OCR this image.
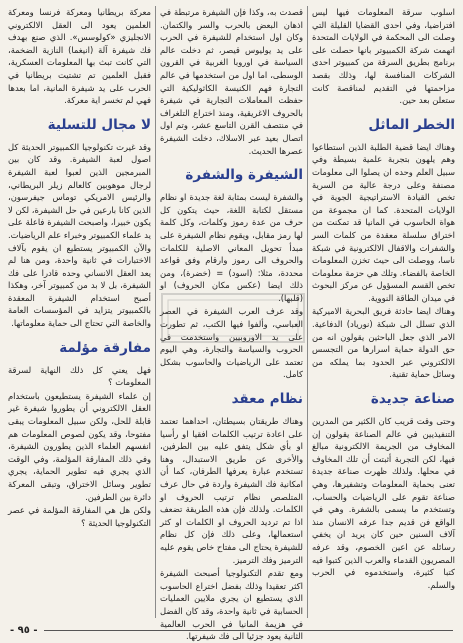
اسلوب سرقة المعلومات فيها ليس افتراضيا، وفي احدى القضايا القليلة التي وصلت الى المحكمة في الولايات المتحدة اتهمت شركة الكمبيوتر بانها حصلت على برنامج بطريق السرقة من كمبيوتر احدى الشركات المنافسة لها، وذلك بقصد مزاحمتها في التقديم لمناقصة كانت ستعلن بعد حين.

الخطر الماثل

وهناك ايضا قضية الطلبة الذين استطاعوا وهم يلهون بتجربة علمية بسيطة وفي سبيل العلم وحده ان يصلوا الى معلومات مصنفة وعلى درجة عالية من السرية تخص القيادة الاستراتيجية الجوية في الولايات المتحدة. كما ان مجموعة من هواة الحاسوب في المانيا قد تمكنت من اختراق سلسلة معقدة من كلمات السر والشفرات والاقفال الالكترونية في شبكة ناسا، ووصلت الى حيث تخزن المعلومات الخاصة بالفضاء. وتلك هي حزمة معلومات تخص القسم المسؤول عن مركز البحوث في ميدان الطاقة النووية.

وهناك ايضا حادثة فريق البحرية الاميركية الذي تسلل الى شبكة (نورياد) الدفاعية. الامر الذي جعل الباحثين يقولون انه من حق الدولة حماية اسرارها من التجسس الالكتروني عبر الحدود بما يملكه من وسائل حماية تقنية.

صناعة جديدة

وحتى وقت قريب كان الكثير من المدرين التنفيذيين في عالم الصناعة يقولون إن المخاوف من الجريمة الالكترونية مبالغ فيها، لكن التجربة أثبتت أن تلك المخاوف في محلها. ولذلك ظهرت صناعة جديدة تعنى بحماية المعلومات وتشفيرها، وهي صناعة تقوم على الرياضيات والحساب، وتستخدم ما يسمى بالشفرة. وهي في الواقع فن قديم جدا عرفه الانسان منذ آلاف السنين حين كان يريد ان يخفي رسائله عن اعين الخصوم، وقد عرفه المصريون القدماء والعرب الذين كتبوا فيه كتبا كثيرة، واستخدموه في الحرب والسلم.

قصدت به، وكذا فإن الشيفرة مرتبطة في اذهان البعض بالحرب والسر والكتمان. وكان اول استخدام للشيفرة في الحرب على يد يوليوس قيصر، ثم دخلت عالم السياسة في اوروبا الغربية في القرون الوسطى، اما اول من استخدمها في عالم التجارة فهم الكنيسة الكاثوليكية التي حفظت المعاملات التجارية في شيفرة بالحروف الاغريقية، ومنذ اختراع التلغراف في منتصف القرن التاسع عشر، وتم اول اتصال بعيد عبر الاسلاك، دخلت الشيفرة عصرها الحديث.

الشيفرة والشفرة

والشفرة ليست بمثابة لغة جديدة او نظام مستقل لكتابة اللغة، حيث يتكون كل حرف من عدة رموز وكلمات، وكل كلمة لها رمز مقابل، ويقوم نظام الشيفرة على مبدأ تحويل المعاني الاصلية للكلمات والحروف الى رموز وارقام وفق قواعد محددة، مثلا: (اسود) = (خضرة)، ومن ذلك ايضا (عكس مكان الحروف) او (قلبها).

وقد عرف العرب الشيفرة في العصر العباسي، وألفوا فيها الكتب، ثم تطورت على يد الاوروبيين واستخدمت في الحروب والسياسة والتجارة، وهي اليوم تعتمد على الرياضيات والحاسوب بشكل كامل.

نظام معقد

وهناك طريقتان بسيطتان، احداهما تعتمد على اعادة ترتيب الكلمات افقيا او رأسيا او بأي شكل يتفق عليه بين الطرفين، والأخرى عن طريق الاستبدال، وهنا تستخدم عبارة يعرفها الطرفان، كما أن امكانية فك الشيفرة واردة في حال عرف المتلصص نظام ترتيب الحروف او الكلمات. ولذلك فإن هذه الطريقة تضعف اذا تم ترديد الحروف او الكلمات او كثر استعمالها، وعلى ذلك فإن كل نظام للشيفرة يحتاج الى مفتاح خاص يقوم عليه الترميز وفك الترميز.

ومع تقدم التكنولوجيا أصبحت الشيفرة اكثر تعقيدا وذلك بفضل اختراع الحاسوب الذي يستطيع ان يجري ملايين العمليات الحسابية في ثانية واحدة، وقد كان الفضل في هزيمة المانيا في الحرب العالمية الثانية يعود جزئيا الى فك شيفرتها.

معركة بريطانيا ومعركة فرنسا ومعركة العلمين يعود الى العقل الالكتروني الانجليزي «كولوسس». الذي صنع بهدف فك شيفرة آلة (انيغما) النازية الضخمة، التي كانت تبث بها المعلومات العسكرية، فقبل العلمين تم تشتيت بريطانيا في الحرب على يد شيفرة المانية، اما بعدها فهي لم تخسر اية معركة.

لا مجال للتسلية

وقد غيرت تكنولوجيا الكمبيوتر الحديثة كل اصول لعبة الشيفرة. وقد كان بين المبرمجين الذين لعبوا لعبة الشيفرة لرجال موهوبين كالعالم زيلر البريطاني، والرئيس الامريكي توماس جيفرسون، الذين كانا بارعين في حل الشيفرة، لكن لا يكون خبيرا، واصبحت الشيفرة فاعلة على يد علماء الكمبيوتر وخبراء علم الرياضيات. والآن الكمبيوتر يستطيع ان يقوم بآلاف الاختبارات في ثانية واحدة، ومن هنا لم يعد العقل الانساني وحده قادرا على فك الشيفرة، بل لا بد من كمبيوتر آخر، وهكذا أصبح استخدام الشيفرة المعقدة بالكمبيوتر يتزايد في المؤسسات العامة والخاصة التي تحتاج الى حماية معلوماتها.

مفارقة مؤلمة

فهل يعني كل ذلك النهاية لسرقة المعلومات ؟

إن علماء الشيفرة يستطيعون باستخدام العقل الالكتروني أن يطوروا شيفرة غير قابلة للحل، ولكن سبيل المعلومات يبقى مفتوحا، وقد يكون لصوص المعلومات هم انفسهم العلماء الذين يطورون الشيفرة، وفي ذلك المفارقة المؤلمة، وفي الوقت الذي يجري فيه تطوير الحماية، يجري تطوير وسائل الاختراق، وتبقى المعركة دائرة بين الطرفين.

ولكن هل هي المفارقة المؤلمة في عصر التكنولوجيا الحديثة ؟

- ٩٥ -
